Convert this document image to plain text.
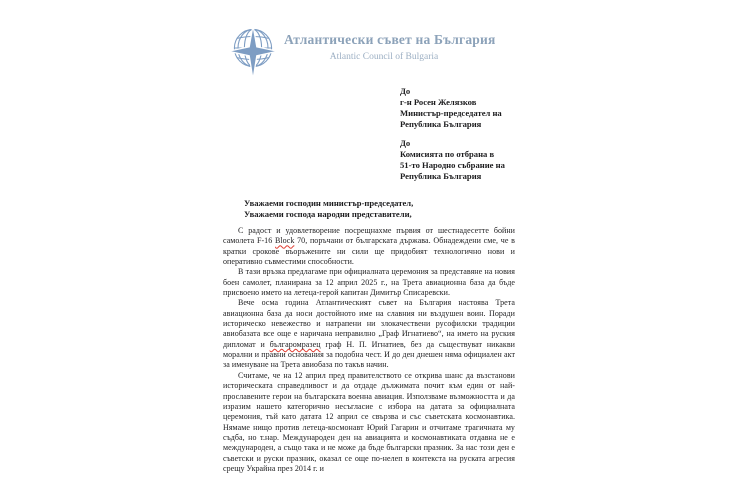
Атлантически съвет на България
Atlantic Council of Bulgaria
До
г-н Росен Желязков
Министър-председател на
Република България
До
Комисията по отбрана в
51-то Народно събрание на
Република България
Уважаеми господин министър-председател,
Уважаеми господа народни представители,

С радост и удовлетворение посрещнахме първия от шестнадесетте бойни самолета F-16 Block 70, поръчани от българската държава. Обнадеждени сме, че в кратки срокове въоръжените ни сили ще придобият технологично нови и оперативно съвместими способности.

В тази връзка предлагаме при официалната церемония за представяне на новия боен самолет, планирана за 12 април 2025 г., на Трета авиационна база да бъде присвоено името на летеца-герой капитан Димитър Списаревски.

Вече осма година Атлантическият съвет на България настоява Трета авиационна база да носи достойното име на славния ни въздушен воин. Поради историческо невежество и натрапени ни злокачествени русофилски традиции авиобазата все още е наричана неправилно „Граф Игнатиево“, на името на руския дипломат и българомразец граф Н. П. Игнатиев, без да съществуват никакви морални и правни основания за подобна чест. И до ден днешен няма официален акт за именуване на Трета авиобаза по такъв начин.

Считаме, че на 12 април пред правителството се открива шанс да възстанови историческата справедливост и да отдаде дължимата почит към един от най-прославените герои на българската военна авиация. Използваме възможността и да изразим нашето категорично несъгласие с избора на датата за официалната церемония, тъй като датата 12 април се свързва и със съветската космонавтика. Нямаме нищо против летеца-космонавт Юрий Гагарин и отчитаме трагичната му съдба, но т.нар. Международен ден на авиацията и космонавтиката отдавна не е международен, а също така и не може да бъде български празник. За нас този ден е съветски и руски празник, оказал се още по-нелеп в контекста на руската агресия срещу Украйна през 2014 г. и
